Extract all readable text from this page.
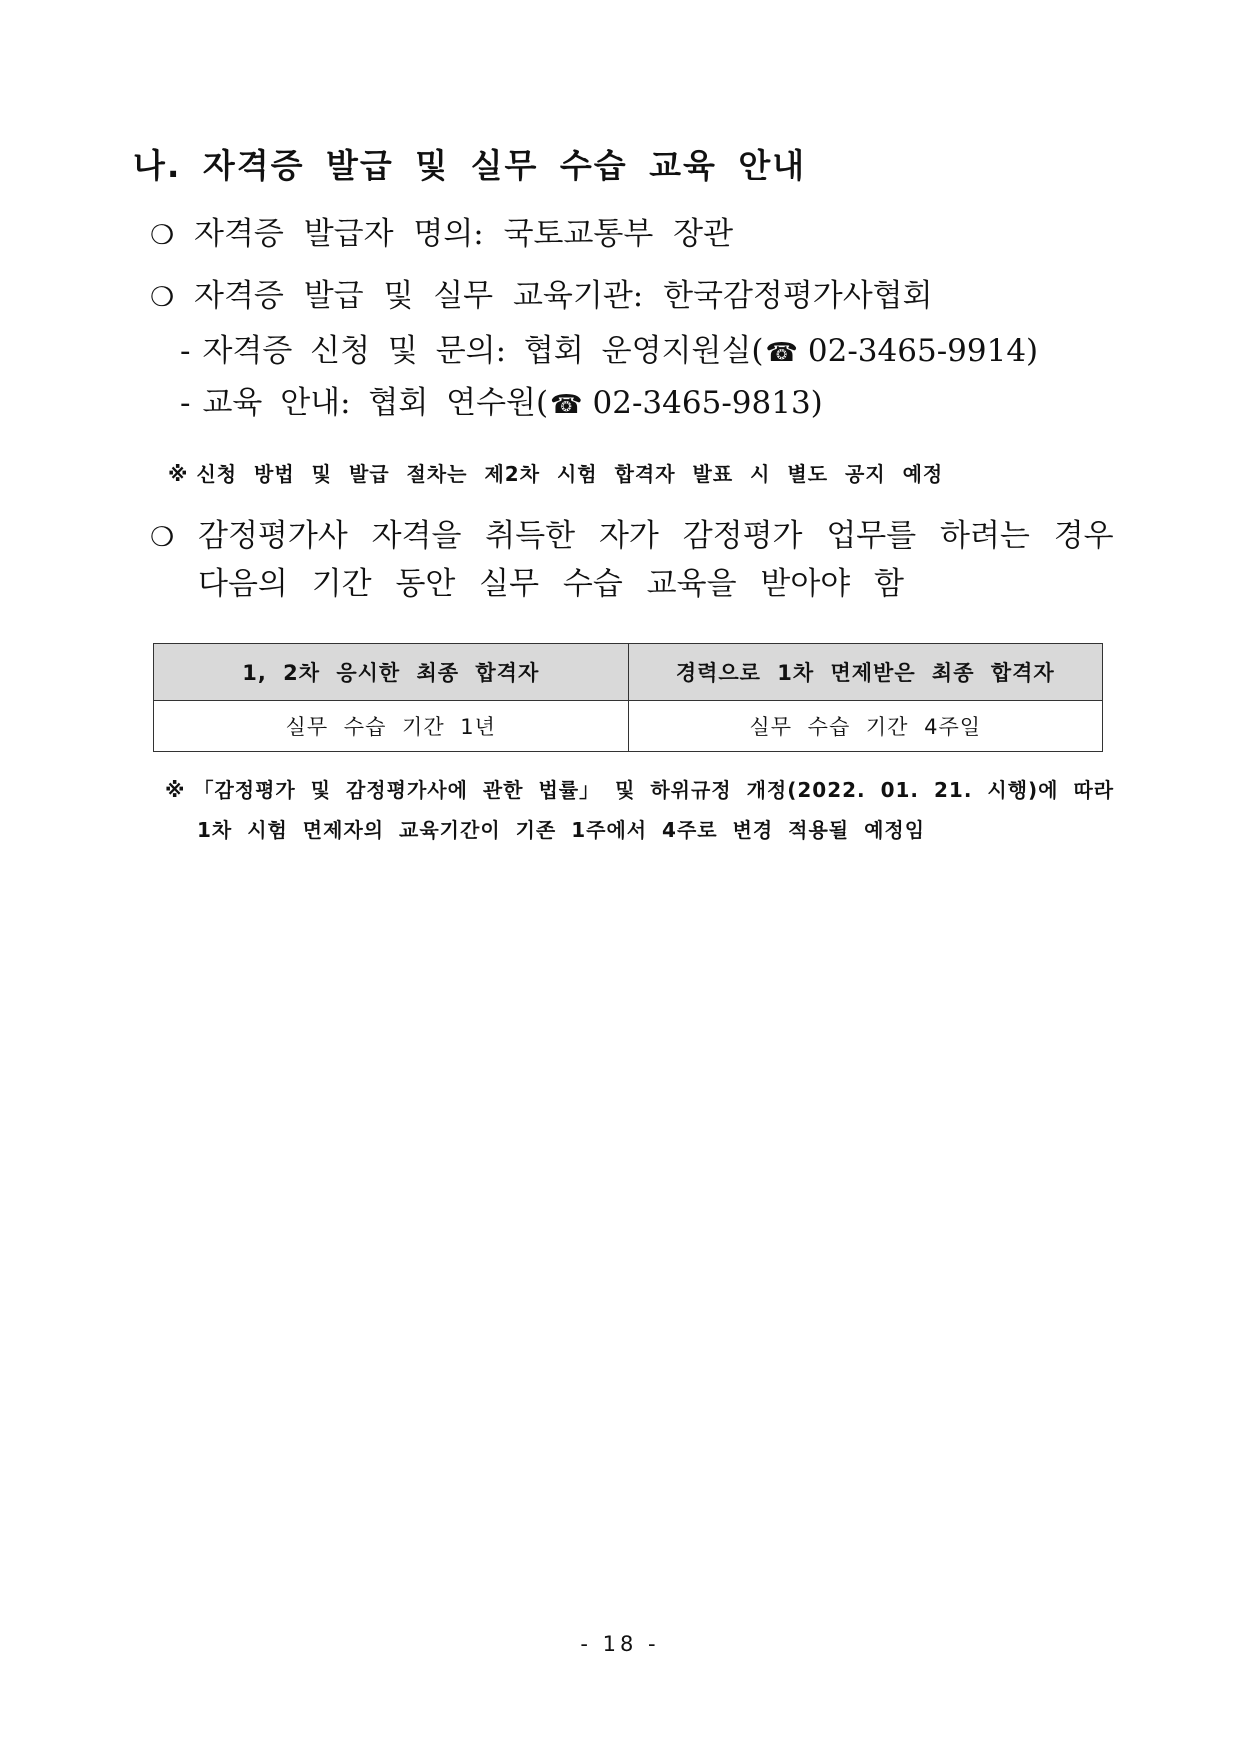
나. 자격증 발급 및 실무 수습 교육 안내
❍ 자격증 발급자 명의: 국토교통부 장관
❍ 자격증 발급 및 실무 교육기관: 한국감정평가사협회
- 자격증 신청 및 문의: 협회 운영지원실(☎ 02-3465-9914)
- 교육 안내: 협회 연수원(☎ 02-3465-9813)
※ 신청 방법 및 발급 절차는 제2차 시험 합격자 발표 시 별도 공지 예정
❍ 감정평가사 자격을 취득한 자가 감정평가 업무를 하려는 경우
다음의 기간 동안 실무 수습 교육을 받아야 함
1, 2차 응시한 최종 합격자	경력으로 1차 면제받은 최종 합격자
실무 수습 기간 1년	실무 수습 기간 4주일
※ 「감정평가 및 감정평가사에 관한 법률」 및 하위규정 개정(2022. 01. 21. 시행)에 따라
1차 시험 면제자의 교육기간이 기존 1주에서 4주로 변경 적용될 예정임
- 18 -
